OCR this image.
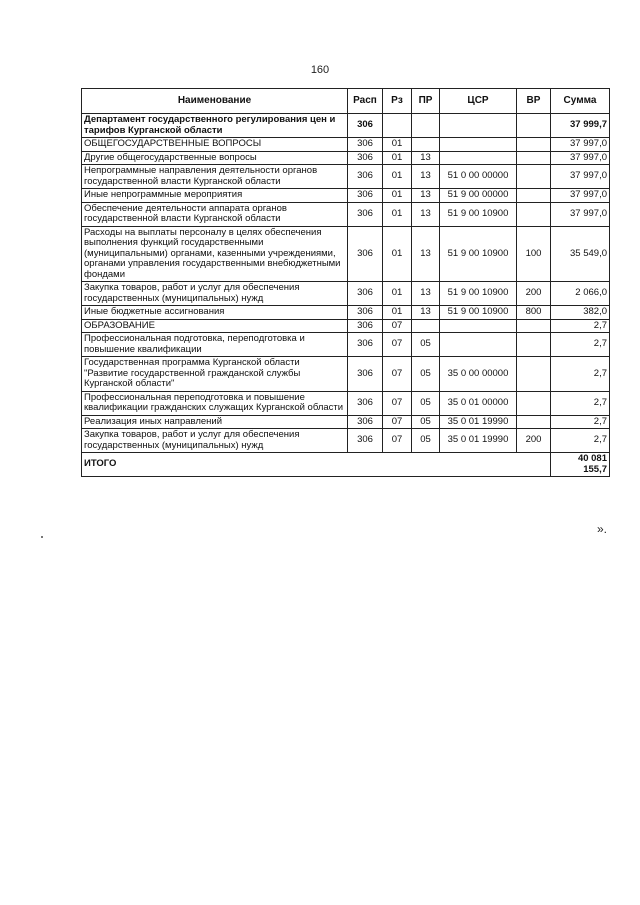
160
Наименование	Расп	Рз	ПР	ЦСР	ВР	Сумма
Департамент государственного регулирования цен и тарифов Курганской области	306					37 999,7
ОБЩЕГОСУДАРСТВЕННЫЕ ВОПРОСЫ	306	01				37 997,0
Другие общегосударственные вопросы	306	01	13			37 997,0
Непрограммные направления деятельности органов государственной власти Курганской области	306	01	13	51 0 00 00000		37 997,0
Иные непрограммные мероприятия	306	01	13	51 9 00 00000		37 997,0
Обеспечение деятельности аппарата органов государственной власти Курганской области	306	01	13	51 9 00 10900		37 997,0
Расходы на выплаты персоналу в целях обеспечения выполнения функций государственными (муниципальными) органами, казенными учреждениями, органами управления государственными внебюджетными фондами	306	01	13	51 9 00 10900	100	35 549,0
Закупка товаров, работ и услуг для обеспечения государственных (муниципальных) нужд	306	01	13	51 9 00 10900	200	2 066,0
Иные бюджетные ассигнования	306	01	13	51 9 00 10900	800	382,0
ОБРАЗОВАНИЕ	306	07				2,7
Профессиональная подготовка, переподготовка и повышение квалификации	306	07	05			2,7
Государственная программа Курганской области "Развитие государственной гражданской службы Курганской области"	306	07	05	35 0 00 00000		2,7
Профессиональная переподготовка и повышение квалификации гражданских служащих Курганской области	306	07	05	35 0 01 00000		2,7
Реализация иных направлений	306	07	05	35 0 01 19990		2,7
Закупка товаров, работ и услуг для обеспечения государственных (муниципальных) нужд	306	07	05	35 0 01 19990	200	2,7
ИТОГО						40 081 155,7
».
